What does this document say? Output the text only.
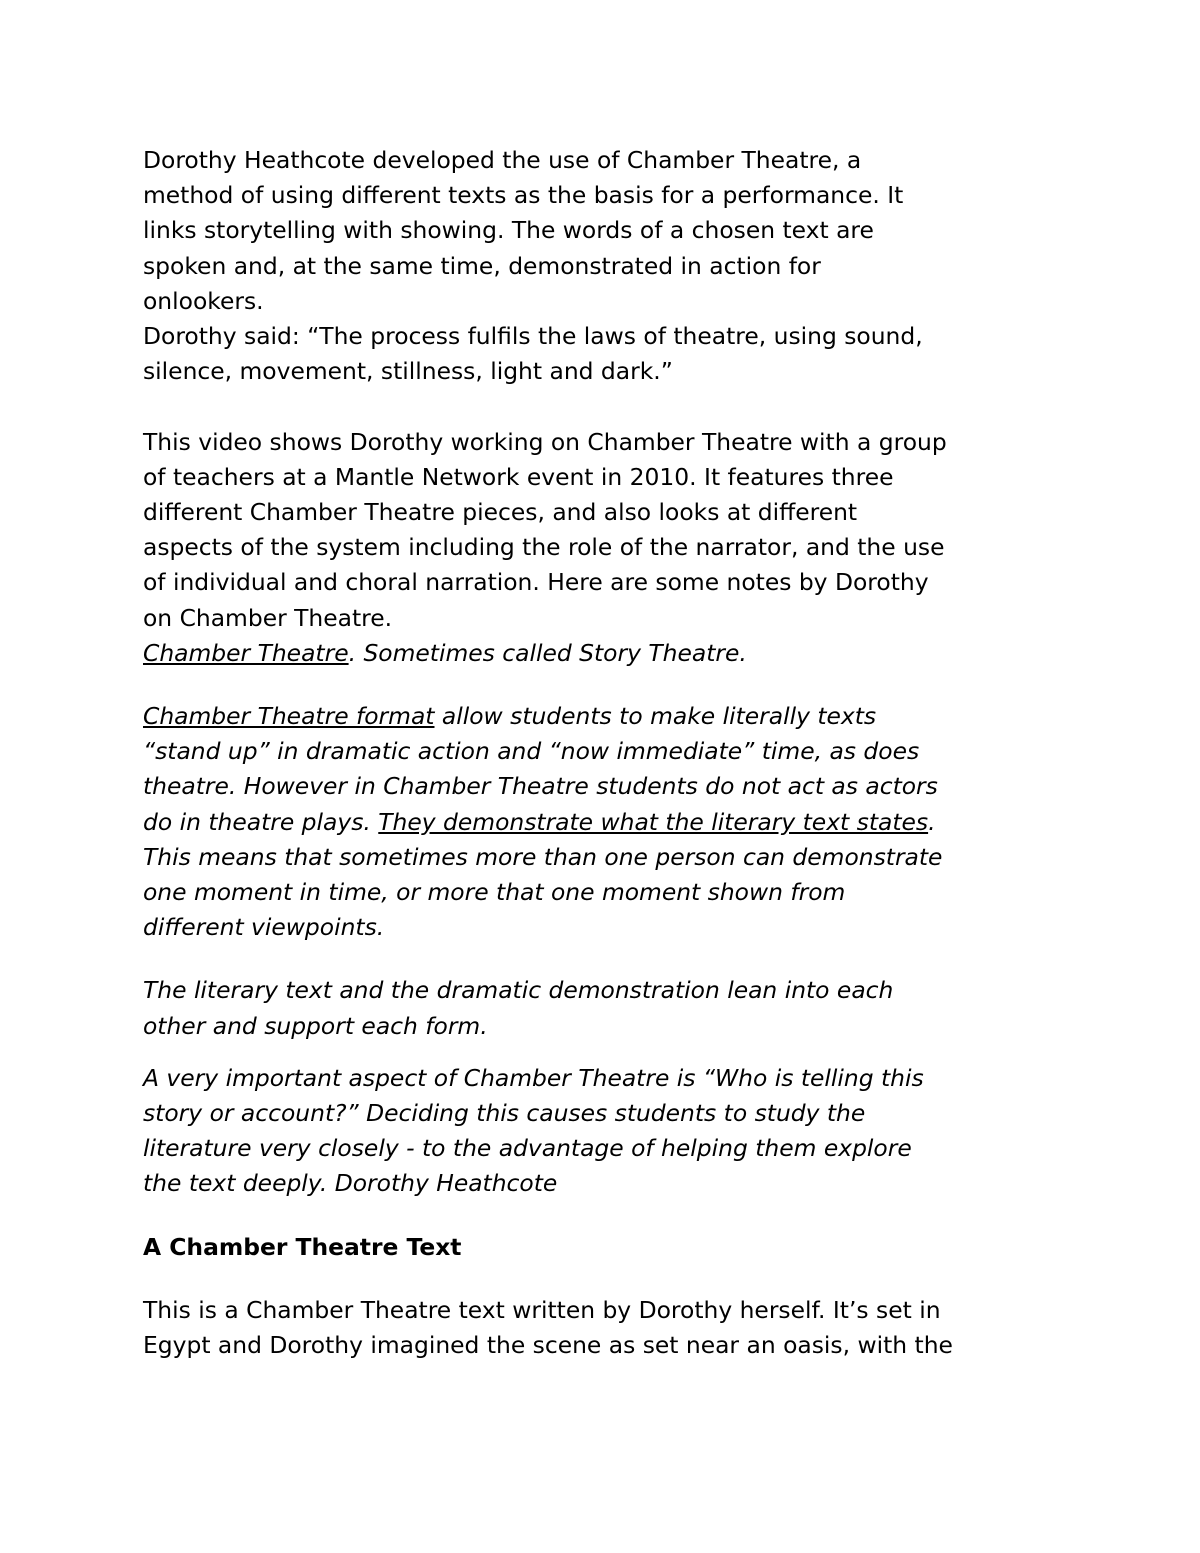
Dorothy Heathcote developed the use of Chamber Theatre, a

method of using different texts as the basis for a performance. It

links storytelling with showing. The words of a chosen text are

spoken and, at the same time, demonstrated in action for

onlookers.

Dorothy said: “The process fulfils the laws of theatre, using sound,

silence, movement, stillness, light and dark.”

This video shows Dorothy working on Chamber Theatre with a group

of teachers at a Mantle Network event in 2010. It features three

different Chamber Theatre pieces, and also looks at different

aspects of the system including the role of the narrator, and the use

of individual and choral narration. Here are some notes by Dorothy

on Chamber Theatre.

Chamber Theatre. Sometimes called Story Theatre.

Chamber Theatre format allow students to make literally texts

“stand up” in dramatic action and “now immediate” time, as does

theatre. However in Chamber Theatre students do not act as actors

do in theatre plays. They demonstrate what the literary text states.

This means that sometimes more than one person can demonstrate

one moment in time, or more that one moment shown from

different viewpoints.

The literary text and the dramatic demonstration lean into each

other and support each form.

A very important aspect of Chamber Theatre is “Who is telling this

story or account?” Deciding this causes students to study the

literature very closely - to the advantage of helping them explore

the text deeply. Dorothy Heathcote

A Chamber Theatre Text

This is a Chamber Theatre text written by Dorothy herself. It’s set in

Egypt and Dorothy imagined the scene as set near an oasis, with the
